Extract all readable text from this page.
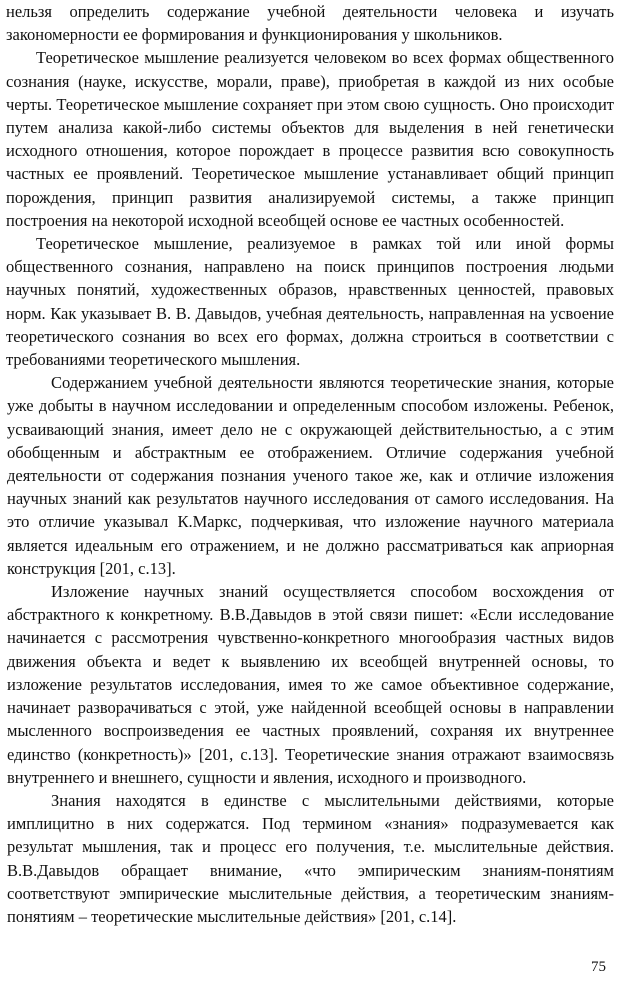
нельзя определить содержание учебной деятельности человека и изучать закономерности ее формирования и функционирования у школьников.

Теоретическое мышление реализуется человеком во всех формах общественного сознания (науке, искусстве, морали, праве), приобретая в каждой из них особые черты. Теоретическое мышление сохраняет при этом свою сущность. Оно происходит путем анализа какой-либо системы объектов для выделения в ней генетически исходного отношения, которое порождает в процессе развития всю совокупность частных ее проявлений. Теоретическое мышление устанавливает общий принцип порождения, принцип развития анализируемой системы, а также принцип построения на некоторой исходной всеобщей основе ее частных особенностей.

Теоретическое мышление, реализуемое в рамках той или иной формы общественного сознания, направлено на поиск принципов построения людьми научных понятий, художественных образов, нравственных ценностей, правовых норм. Как указывает В. В. Давыдов, учебная деятельность, направленная на усвоение теоретического сознания во всех его формах, должна строиться в соответствии с требованиями теоретического мышления.

Содержанием учебной деятельности являются теоретические знания, которые уже добыты в научном исследовании и определенным способом изложены. Ребенок, усваивающий знания, имеет дело не с окружающей действительностью, а с этим обобщенным и абстрактным ее отображением. Отличие содержания учебной деятельности от содержания познания ученого такое же, как и отличие изложения научных знаний как результатов научного исследования от самого исследования. На это отличие указывал К.Маркс, подчеркивая, что изложение научного материала является идеальным его отражением, и не должно рассматриваться как априорная конструкция [201, с.13].

Изложение научных знаний осуществляется способом восхождения от абстрактного к конкретному. В.В.Давыдов в этой связи пишет: «Если исследование начинается с рассмотрения чувственно-конкретного многообразия частных видов движения объекта и ведет к выявлению их всеобщей внутренней основы, то изложение результатов исследования, имея то же самое объективное содержание, начинает разворачиваться с этой, уже найденной всеобщей основы в направлении мысленного воспроизведения ее частных проявлений, сохраняя их внутреннее единство (конкретность)» [201, с.13]. Теоретические знания отражают взаимосвязь внутреннего и внешнего, сущности и явления, исходного и производного.

Знания находятся в единстве с мыслительными действиями, которые имплицитно в них содержатся. Под термином «знания» подразумевается как результат мышления, так и процесс его получения, т.е. мыслительные действия. В.В.Давыдов обращает внимание, «что эмпирическим знаниям-понятиям соответствуют эмпирические мыслительные действия, а теоретическим знаниям-понятиям – теоретические мыслительные действия» [201, с.14].

75
